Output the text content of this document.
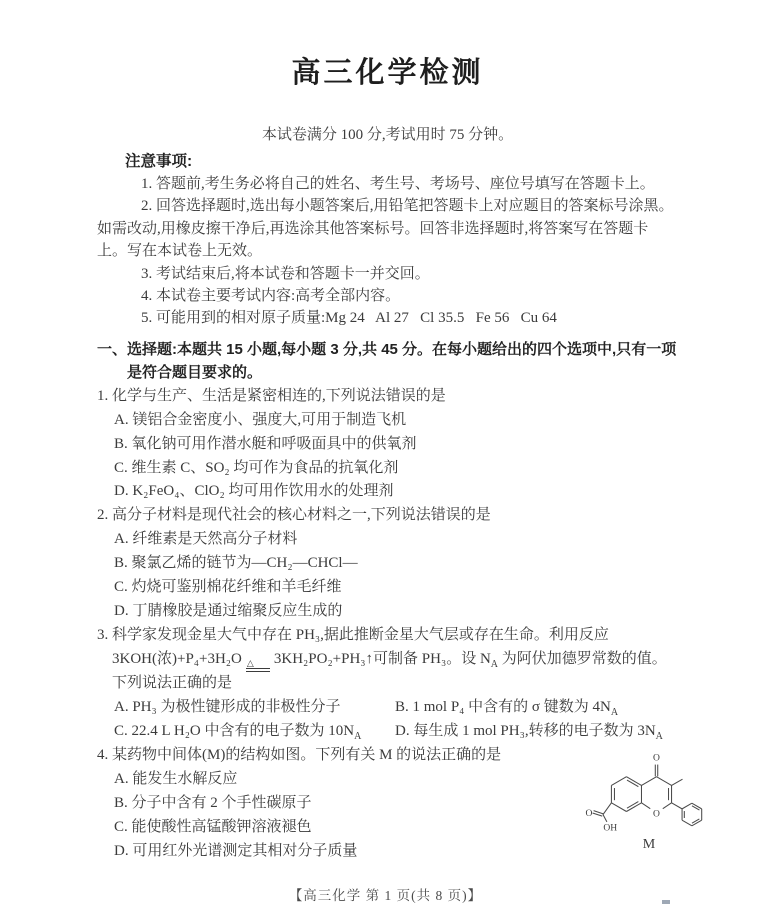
高三化学检测

本试卷满分 100 分,考试用时 75 分钟。

注意事项:

1. 答题前,考生务必将自己的姓名、考生号、考场号、座位号填写在答题卡上。

2. 回答选择题时,选出每小题答案后,用铅笔把答题卡上对应题目的答案标号涂黑。如需改动,用橡皮擦干净后,再选涂其他答案标号。回答非选择题时,将答案写在答题卡上。写在本试卷上无效。

3. 考试结束后,将本试卷和答题卡一并交回。

4. 本试卷主要考试内容:高考全部内容。

5. 可能用到的相对原子质量:Mg 24   Al 27   Cl 35.5   Fe 56   Cu 64

一、选择题:本题共 15 小题,每小题 3 分,共 45 分。在每小题给出的四个选项中,只有一项是符合题目要求的。

1. 化学与生产、生活是紧密相连的,下列说法错误的是

A. 镁铝合金密度小、强度大,可用于制造飞机

B. 氧化钠可用作潜水艇和呼吸面具中的供氧剂

C. 维生素 C、SO₂ 均可作为食品的抗氧化剂

D. K₂FeO₄、ClO₂ 均可用作饮用水的处理剂

2. 高分子材料是现代社会的核心材料之一,下列说法错误的是

A. 纤维素是天然高分子材料

B. 聚氯乙烯的链节为—CH₂—CHCl—

C. 灼烧可鉴别棉花纤维和羊毛纤维

D. 丁腈橡胶是通过缩聚反应生成的

3. 科学家发现金星大气中存在 PH₃,据此推断金星大气层或存在生命。利用反应 3KOH(浓)+P₄+3H₂O △	3KH₂PO₂+PH₃↑可制备 PH₃。设 $N_A$ 为阿伏加德罗常数的值。下列说法正确的是

A. PH₃ 为极性键形成的非极性分子	B. 1 mol P₄ 中含有的 σ 键数为 $4N_A$

C. 22.4 L H₂O 中含有的电子数为 $10N_A$	D. 每生成 1 mol PH₃,转移的电子数为 $3N_A$

4. 某药物中间体(M)的结构如图。下列有关 M 的说法正确的是

A. 能发生水解反应

B. 分子中含有 2 个手性碳原子

C. 能使酸性高锰酸钾溶液褪色

D. 可用红外光谱测定其相对分子质量

O
O
O
OH
M

【高三化学 第 1 页(共 8 页)】
